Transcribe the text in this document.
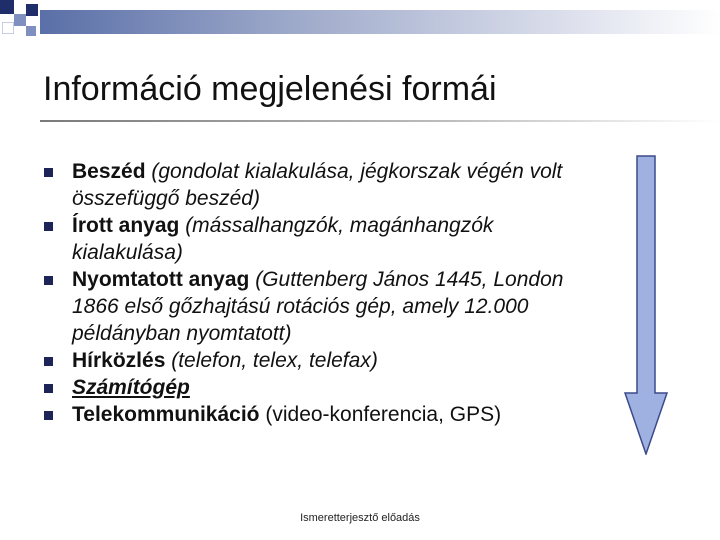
Információ megjelenési formái
Beszéd (gondolat kialakulása, jégkorszak végén volt összefüggő beszéd)
Írott anyag (mássalhangzók, magánhangzók kialakulása)
Nyomtatott anyag (Guttenberg János 1445, London 1866 első gőzhajtású rotációs gép, amely 12.000 példányban nyomtatott)
Hírközlés (telefon, telex, telefax)
Számítógép
Telekommunikáció (video-konferencia, GPS)
Ismeretterjesztő előadás
